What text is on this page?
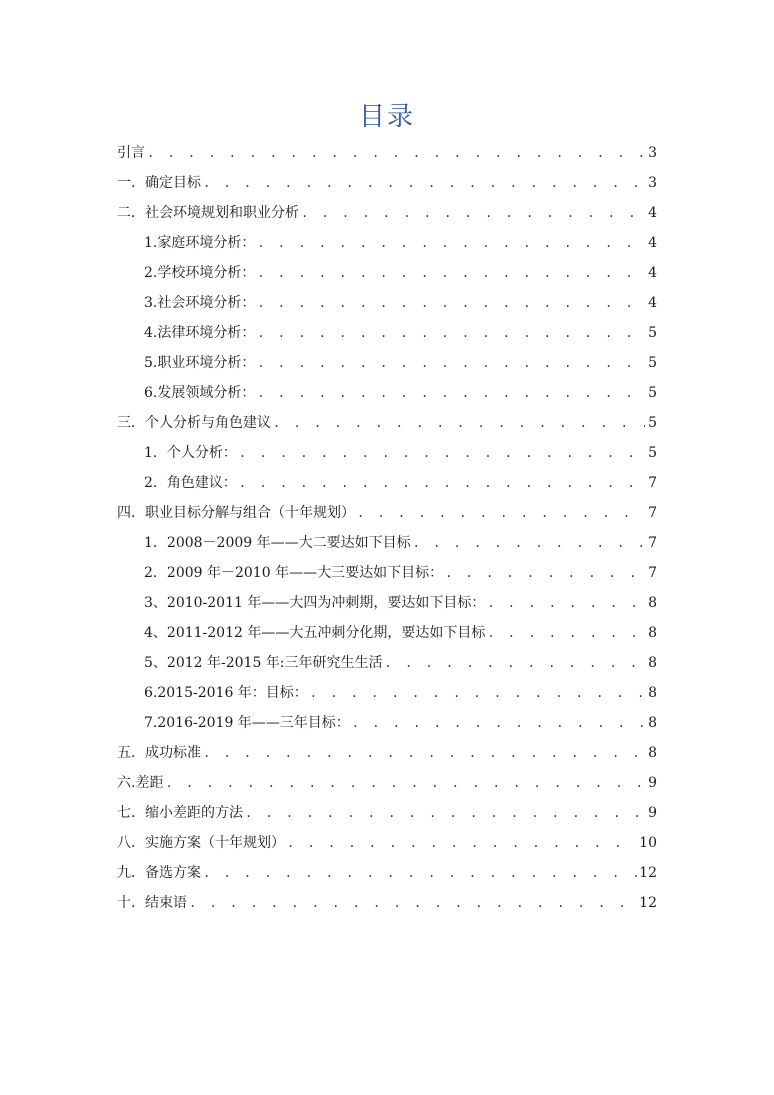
目录
引言 . . .	3
一．确定目标 . . .	3
二．社会环境规划和职业分析 . . .	4
1.家庭环境分析： . . .	4
2.学校环境分析： . . .	4
3.社会环境分析： . . .	4
4.法律环境分析： . . .	5
5.职业环境分析： . . .	5
6.发展领域分析： . . .	5
三．个人分析与角色建议 . . .	5
1．个人分析： . . .	5
2．角色建议： . . .	7
四．职业目标分解与组合（十年规划） . . .	7
1．2008－2009 年——大二要达如下目标 . . .	7
2．2009 年－2010 年——大三要达如下目标： . . .	7
3、2010-2011 年——大四为冲刺期，要达如下目标： . . .	8
4、2011-2012 年——大五冲刺分化期，要达如下目标 . . .	8
5、2012 年-2015 年:三年研究生生活 . . .	8
6.2015-2016 年：目标： . . .	8
7.2016-2019 年——三年目标： . . .	8
五．成功标准 . . .	8
六.差距 . . .	9
七．缩小差距的方法 . . .	9
八．实施方案（十年规划） . . .	10
九．备选方案 . . .	12
十．结束语 . . .	12
